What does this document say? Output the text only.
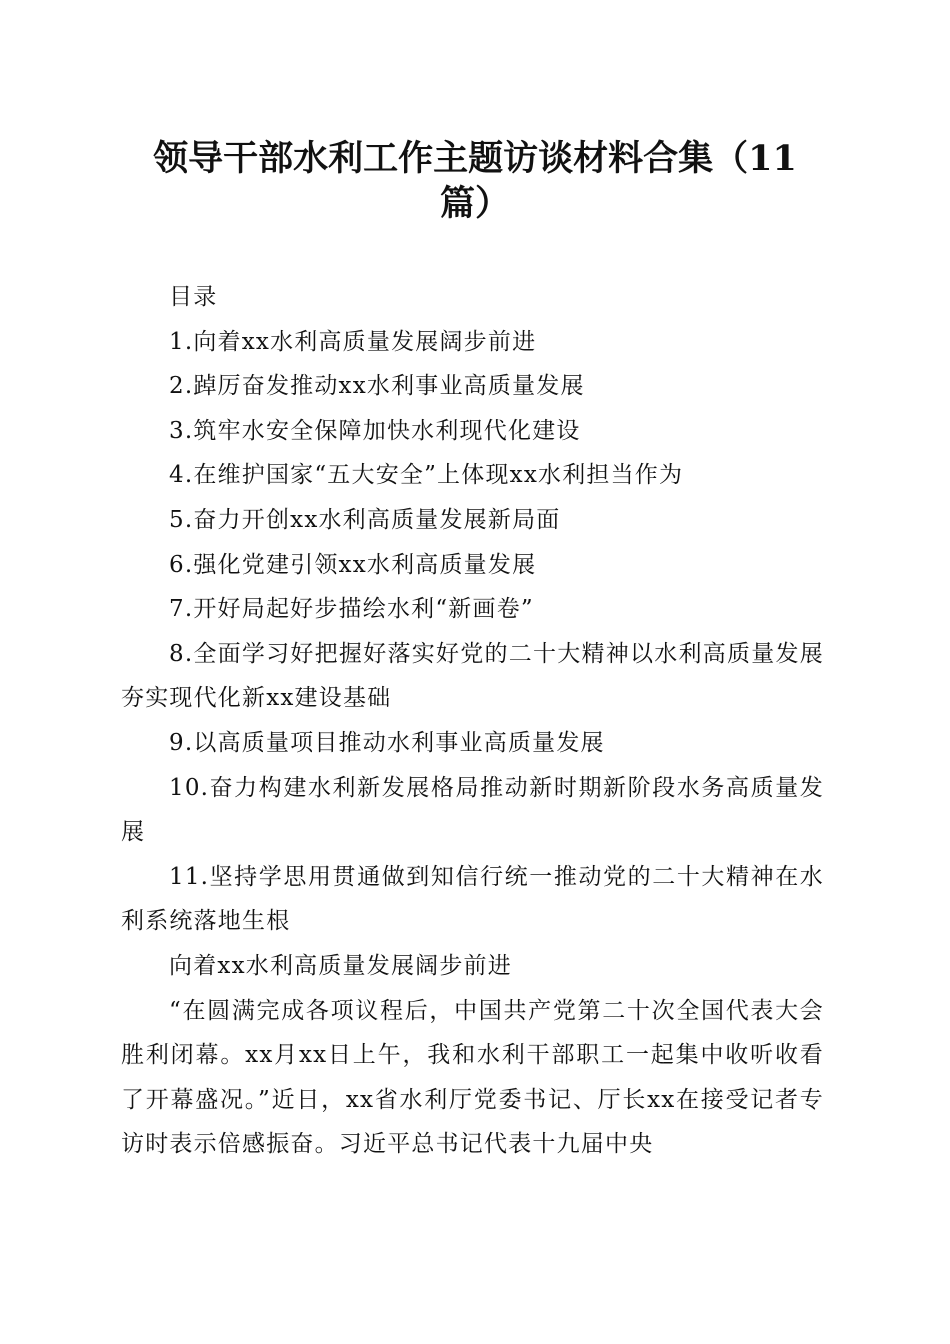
领导干部水利工作主题访谈材料合集（11篇）

目录

1.向着xx水利高质量发展阔步前进

2.踔厉奋发推动xx水利事业高质量发展

3.筑牢水安全保障加快水利现代化建设

4.在维护国家“五大安全”上体现xx水利担当作为

5.奋力开创xx水利高质量发展新局面

6.强化党建引领xx水利高质量发展

7.开好局起好步描绘水利“新画卷”

8.全面学习好把握好落实好党的二十大精神以水利高质量发展夯实现代化新xx建设基础

9.以高质量项目推动水利事业高质量发展

10.奋力构建水利新发展格局推动新时期新阶段水务高质量发展

11.坚持学思用贯通做到知信行统一推动党的二十大精神在水利系统落地生根

向着xx水利高质量发展阔步前进

“在圆满完成各项议程后，中国共产党第二十次全国代表大会胜利闭幕。xx月xx日上午，我和水利干部职工一起集中收听收看了开幕盛况。”近日，xx省水利厅党委书记、厅长xx在接受记者专访时表示倍感振奋。习近平总书记代表十九届中央
